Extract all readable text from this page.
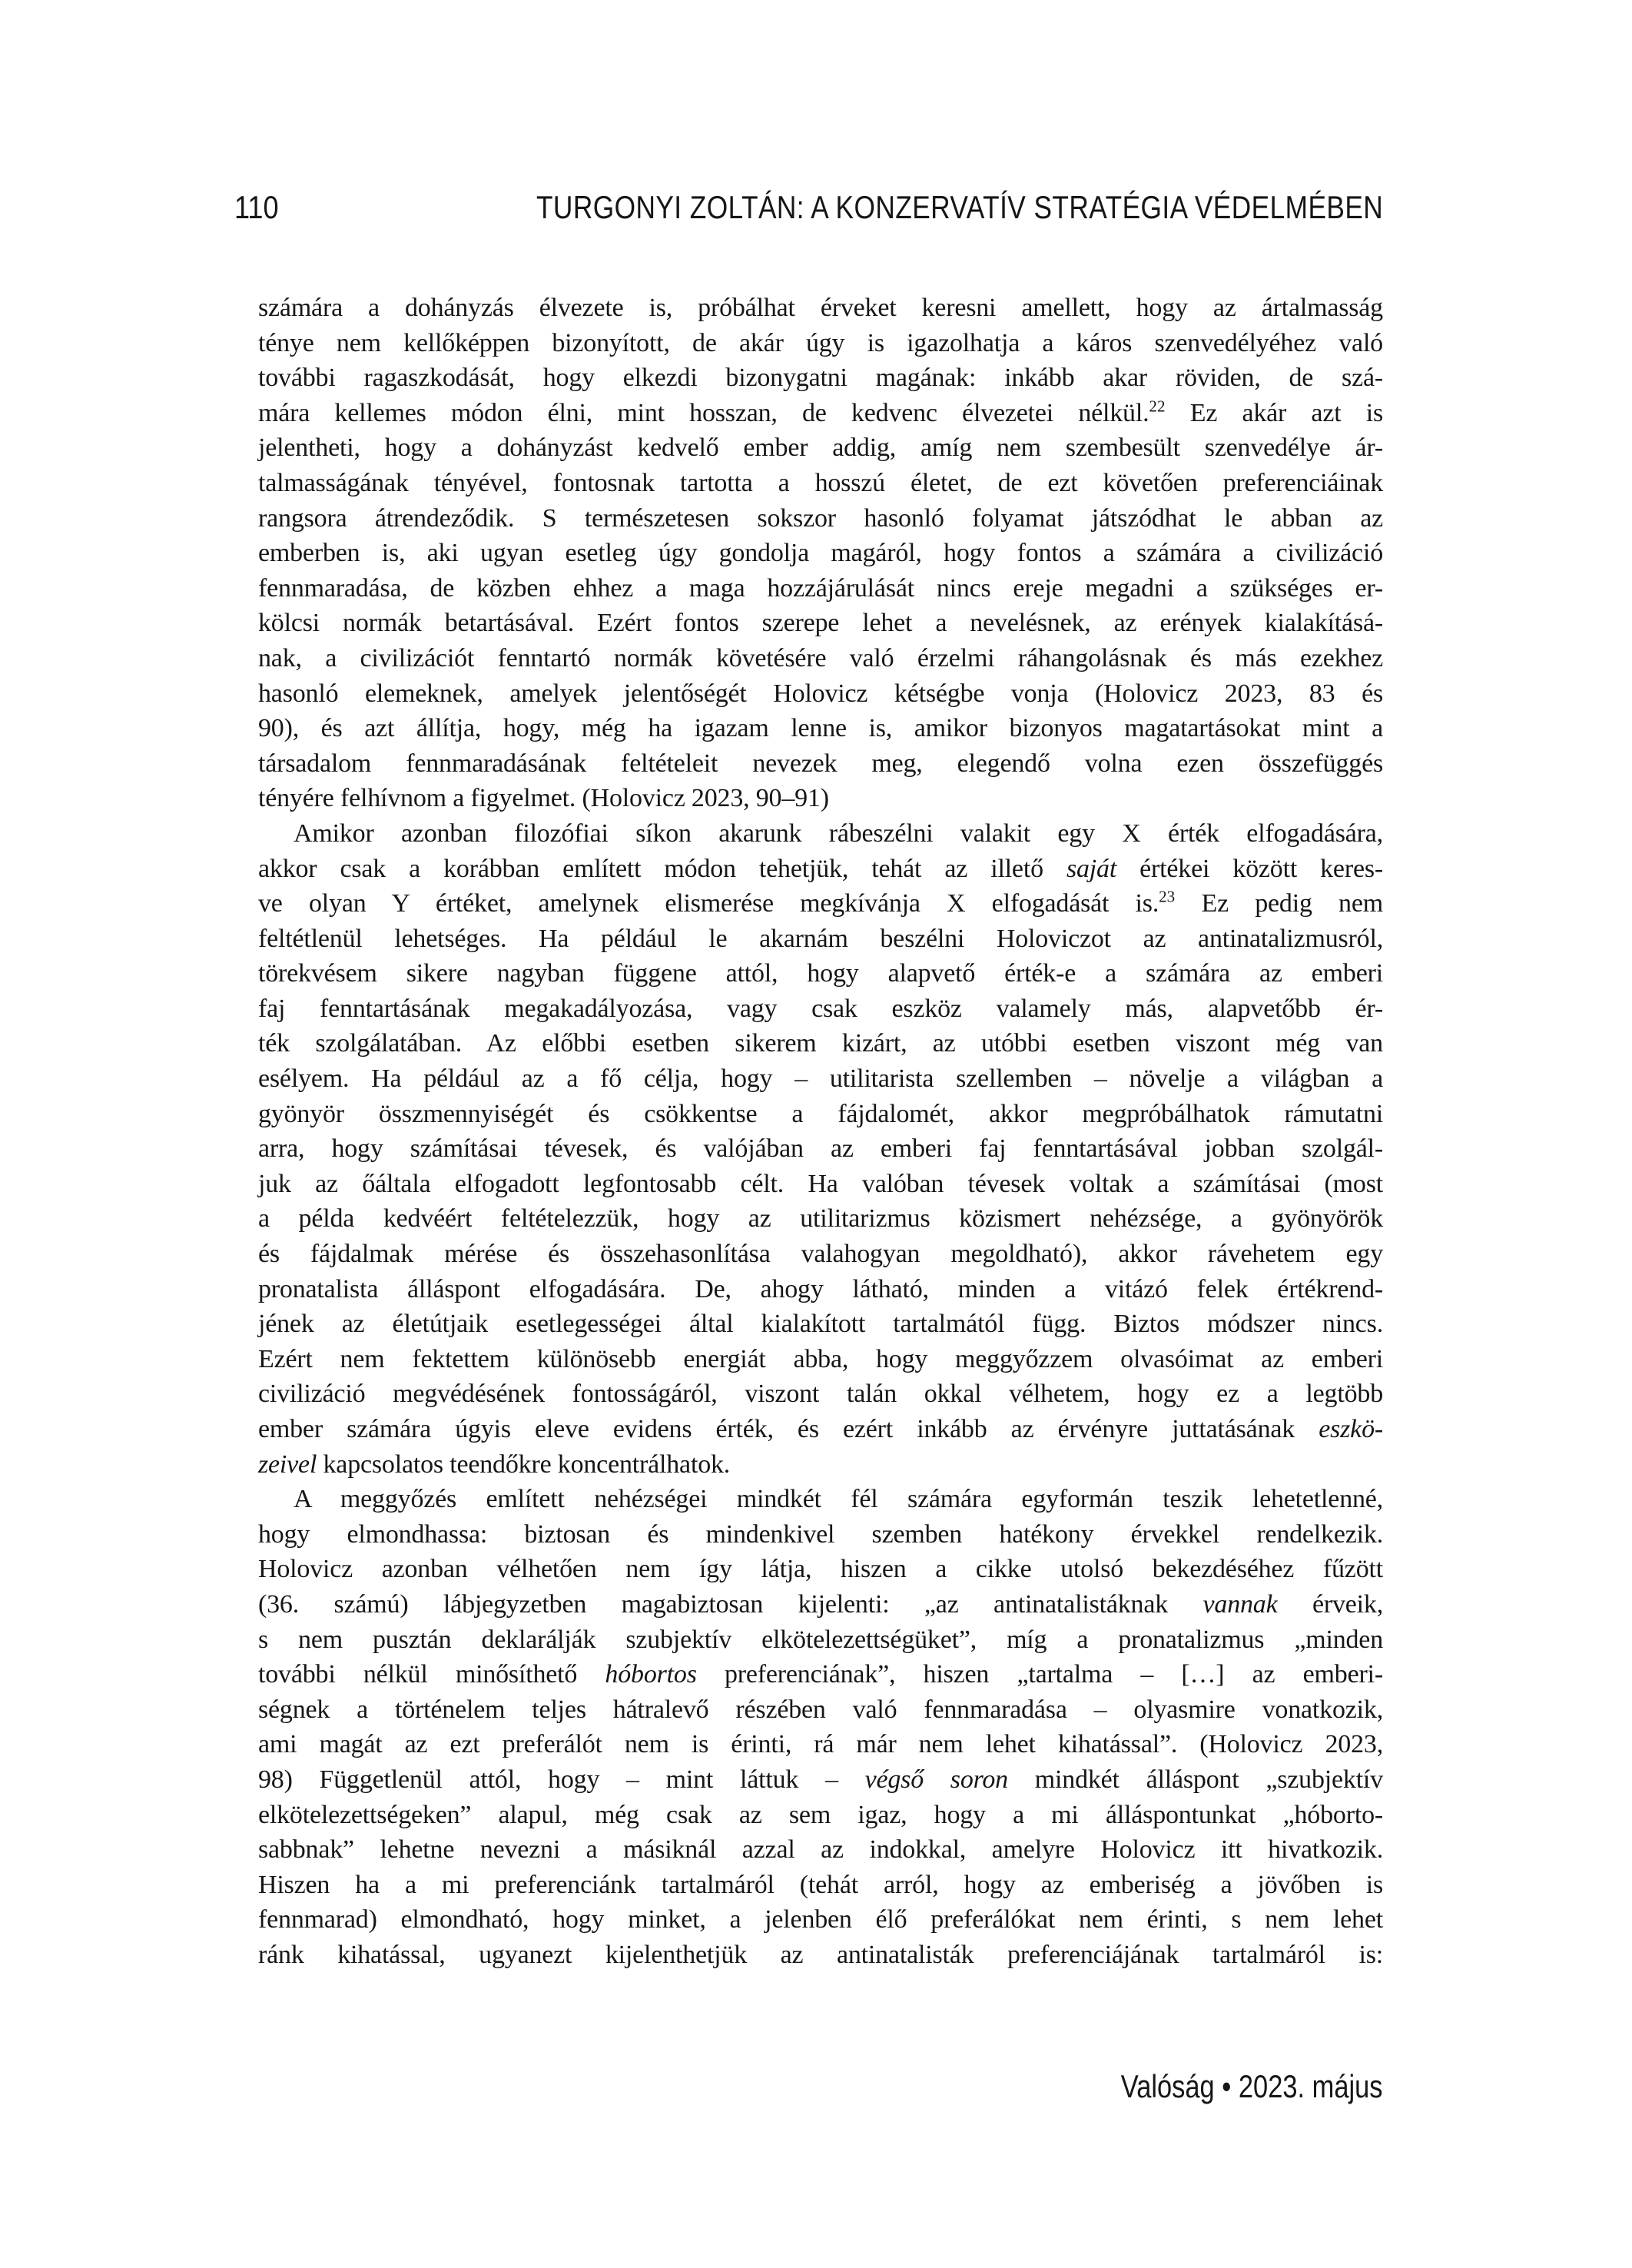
110	TURGONYI ZOLTÁN: A KONZERVATÍV STRATÉGIA VÉDELMÉBEN
számára a dohányzás élvezete is, próbálhat érveket keresni amellett, hogy az ártalmasság
ténye nem kellőképpen bizonyított, de akár úgy is igazolhatja a káros szenvedélyéhez való
további ragaszkodását, hogy elkezdi bizonygatni magának: inkább akar röviden, de szá-
mára kellemes módon élni, mint hosszan, de kedvenc élvezetei nélkül.$^{22}$ Ez akár azt is
jelentheti, hogy a dohányzást kedvelő ember addig, amíg nem szembesült szenvedélye ár-
talmasságának tényével, fontosnak tartotta a hosszú életet, de ezt követően preferenciáinak
rangsora átrendeződik. S természetesen sokszor hasonló folyamat játszódhat le abban az
emberben is, aki ugyan esetleg úgy gondolja magáról, hogy fontos a számára a civilizáció
fennmaradása, de közben ehhez a maga hozzájárulását nincs ereje megadni a szükséges er-
kölcsi normák betartásával. Ezért fontos szerepe lehet a nevelésnek, az erények kialakításá-
nak, a civilizációt fenntartó normák követésére való érzelmi ráhangolásnak és más ezekhez
hasonló elemeknek, amelyek jelentőségét Holovicz kétségbe vonja (Holovicz 2023, 83 és
90), és azt állítja, hogy, még ha igazam lenne is, amikor bizonyos magatartásokat mint a
társadalom fennmaradásának feltételeit nevezek meg, elegendő volna ezen összefüggés
tényére felhívnom a figyelmet. (Holovicz 2023, 90–91)
Amikor azonban filozófiai síkon akarunk rábeszélni valakit egy X érték elfogadására,
akkor csak a korábban említett módon tehetjük, tehát az illető saját értékei között keres-
ve olyan Y értéket, amelynek elismerése megkívánja X elfogadását is.$^{23}$ Ez pedig nem
feltétlenül lehetséges. Ha például le akarnám beszélni Holoviczot az antinatalizmusról,
törekvésem sikere nagyban függene attól, hogy alapvető érték-e a számára az emberi
faj fenntartásának megakadályozása, vagy csak eszköz valamely más, alapvetőbb ér-
ték szolgálatában. Az előbbi esetben sikerem kizárt, az utóbbi esetben viszont még van
esélyem. Ha például az a fő célja, hogy – utilitarista szellemben – növelje a világban a
gyönyör összmennyiségét és csökkentse a fájdalomét, akkor megpróbálhatok rámutatni
arra, hogy számításai tévesek, és valójában az emberi faj fenntartásával jobban szolgál-
juk az őáltala elfogadott legfontosabb célt. Ha valóban tévesek voltak a számításai (most
a példa kedvéért feltételezzük, hogy az utilitarizmus közismert nehézsége, a gyönyörök
és fájdalmak mérése és összehasonlítása valahogyan megoldható), akkor rávehetem egy
pronatalista álláspont elfogadására. De, ahogy látható, minden a vitázó felek értékrend-
jének az életútjaik esetlegességei által kialakított tartalmától függ. Biztos módszer nincs.
Ezért nem fektettem különösebb energiát abba, hogy meggyőzzem olvasóimat az emberi
civilizáció megvédésének fontosságáról, viszont talán okkal vélhetem, hogy ez a legtöbb
ember számára úgyis eleve evidens érték, és ezért inkább az érvényre juttatásának eszkö-
zeivel kapcsolatos teendőkre koncentrálhatok.
A meggyőzés említett nehézségei mindkét fél számára egyformán teszik lehetetlenné,
hogy elmondhassa: biztosan és mindenkivel szemben hatékony érvekkel rendelkezik.
Holovicz azonban vélhetően nem így látja, hiszen a cikke utolsó bekezdéséhez fűzött
(36. számú) lábjegyzetben magabiztosan kijelenti: „az antinatalistáknak vannak érveik,
s nem pusztán deklarálják szubjektív elkötelezettségüket”, míg a pronatalizmus „minden
további nélkül minősíthető hóbortos preferenciának”, hiszen „tartalma – […] az emberi-
ségnek a történelem teljes hátralevő részében való fennmaradása – olyasmire vonatkozik,
ami magát az ezt preferálót nem is érinti, rá már nem lehet kihatással”. (Holovicz 2023,
98) Függetlenül attól, hogy – mint láttuk – végső soron mindkét álláspont „szubjektív
elkötelezettségeken” alapul, még csak az sem igaz, hogy a mi álláspontunkat „hóborto-
sabbnak” lehetne nevezni a másiknál azzal az indokkal, amelyre Holovicz itt hivatkozik.
Hiszen ha a mi preferenciánk tartalmáról (tehát arról, hogy az emberiség a jövőben is
fennmarad) elmondható, hogy minket, a jelenben élő preferálókat nem érinti, s nem lehet
ránk kihatással, ugyanezt kijelenthetjük az antinatalisták preferenciájának tartalmáról is:
Valóság • 2023. május
